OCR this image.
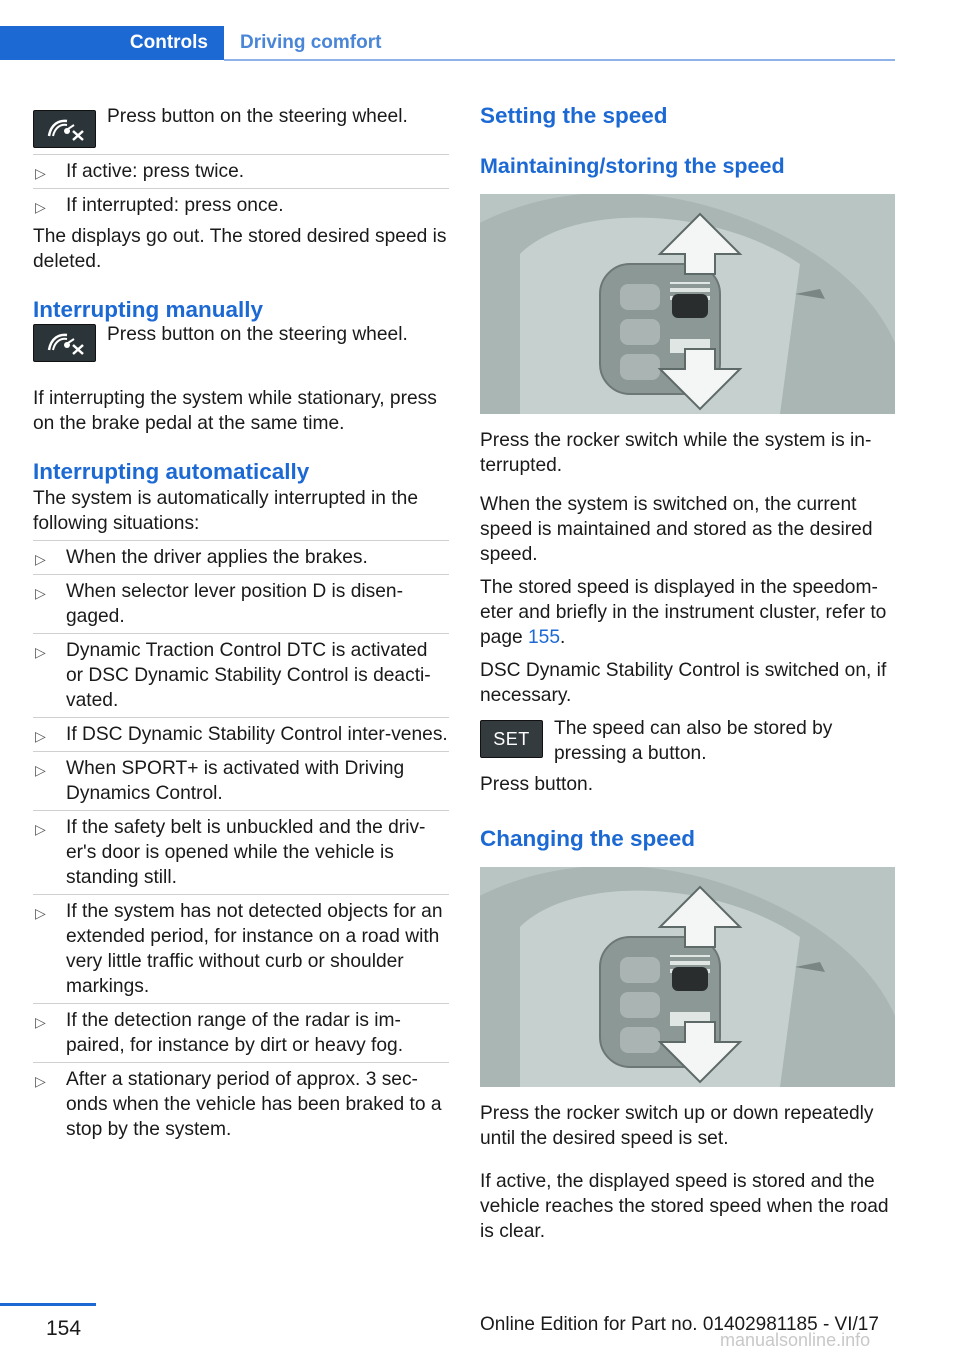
Controls	Driving comfort

Press button on the steering wheel.

▷ If active: press twice.
▷ If interrupted: press once.

The displays go out. The stored desired speed is deleted.

Interrupting manually

Press button on the steering wheel.

If interrupting the system while stationary, press on the brake pedal at the same time.

Interrupting automatically

The system is automatically interrupted in the following situations:

▷ When the driver applies the brakes.
▷ When selector lever position D is disen‐gaged.
▷ Dynamic Traction Control DTC is activated or DSC Dynamic Stability Control is deacti‐vated.
▷ If DSC Dynamic Stability Control inter‐venes.
▷ When SPORT+ is activated with Driving Dynamics Control.
▷ If the safety belt is unbuckled and the driv‐er's door is opened while the vehicle is standing still.
▷ If the system has not detected objects for an extended period, for instance on a road with very little traffic without curb or shoulder markings.
▷ If the detection range of the radar is im‐paired, for instance by dirt or heavy fog.
▷ After a stationary period of approx. 3 sec‐onds when the vehicle has been braked to a stop by the system.
Setting the speed
Maintaining/storing the speed

Press the rocker switch while the system is in‐terrupted.

When the system is switched on, the current speed is maintained and stored as the desired speed.

The stored speed is displayed in the speedom‐eter and briefly in the instrument cluster, refer to page 155.

DSC Dynamic Stability Control is switched on, if necessary.

SET	The speed can also be stored by pressing a button.

Press button.

Changing the speed

Press the rocker switch up or down repeatedly until the desired speed is set.

If active, the displayed speed is stored and the vehicle reaches the stored speed when the road is clear.

154	Online Edition for Part no. 01402981185 - VI/17
manualsonline.info
